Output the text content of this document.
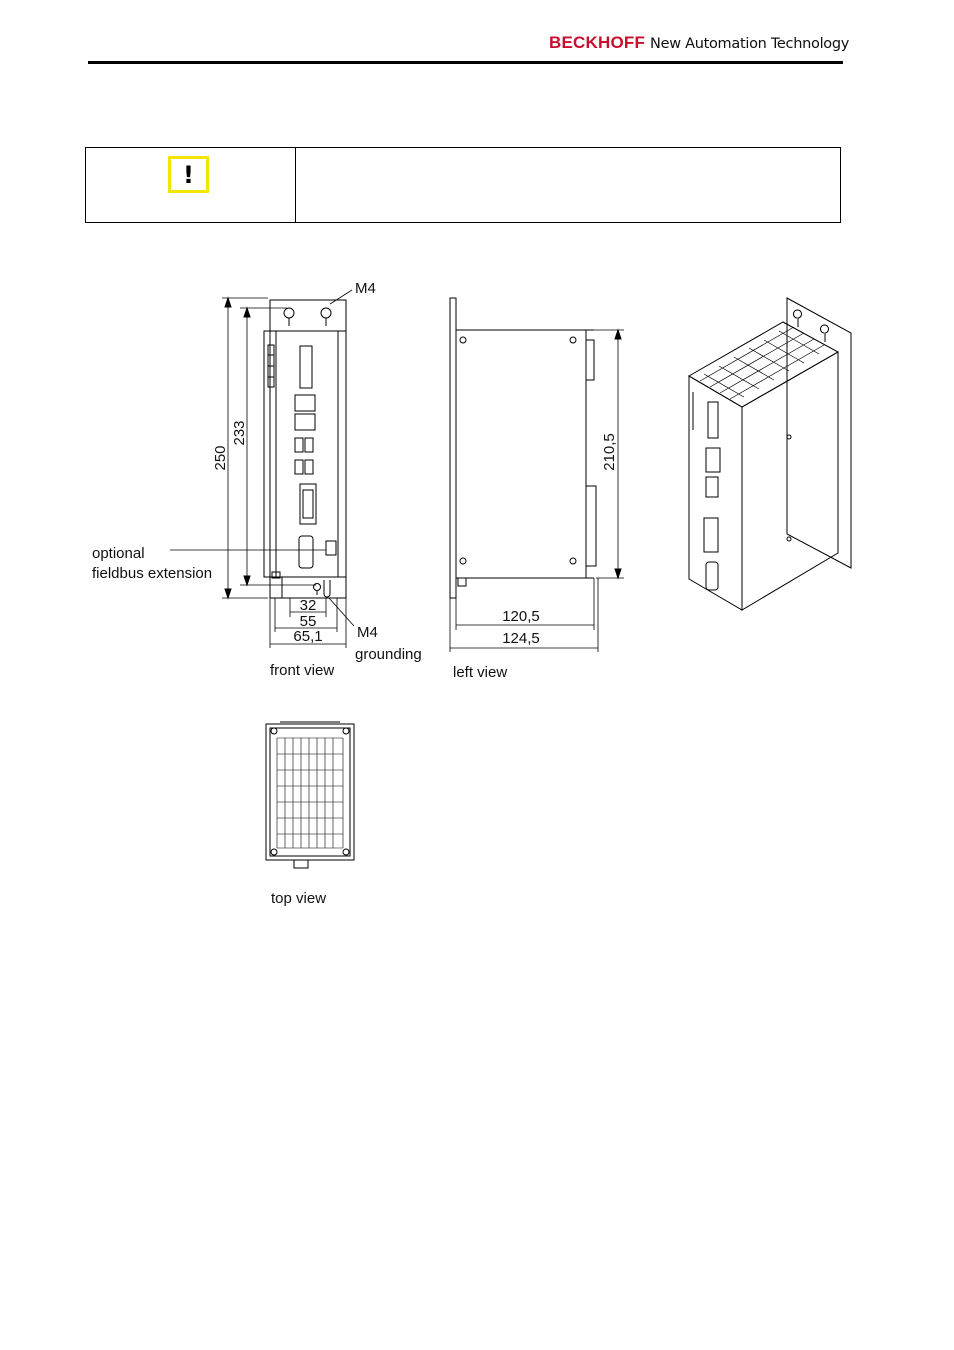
BECKHOFF New Automation Technology
!
M4
250
233
optional
fieldbus extension
32
55
65,1 M4
grounding
front view
210,5
120,5
124,5
left view
top view
